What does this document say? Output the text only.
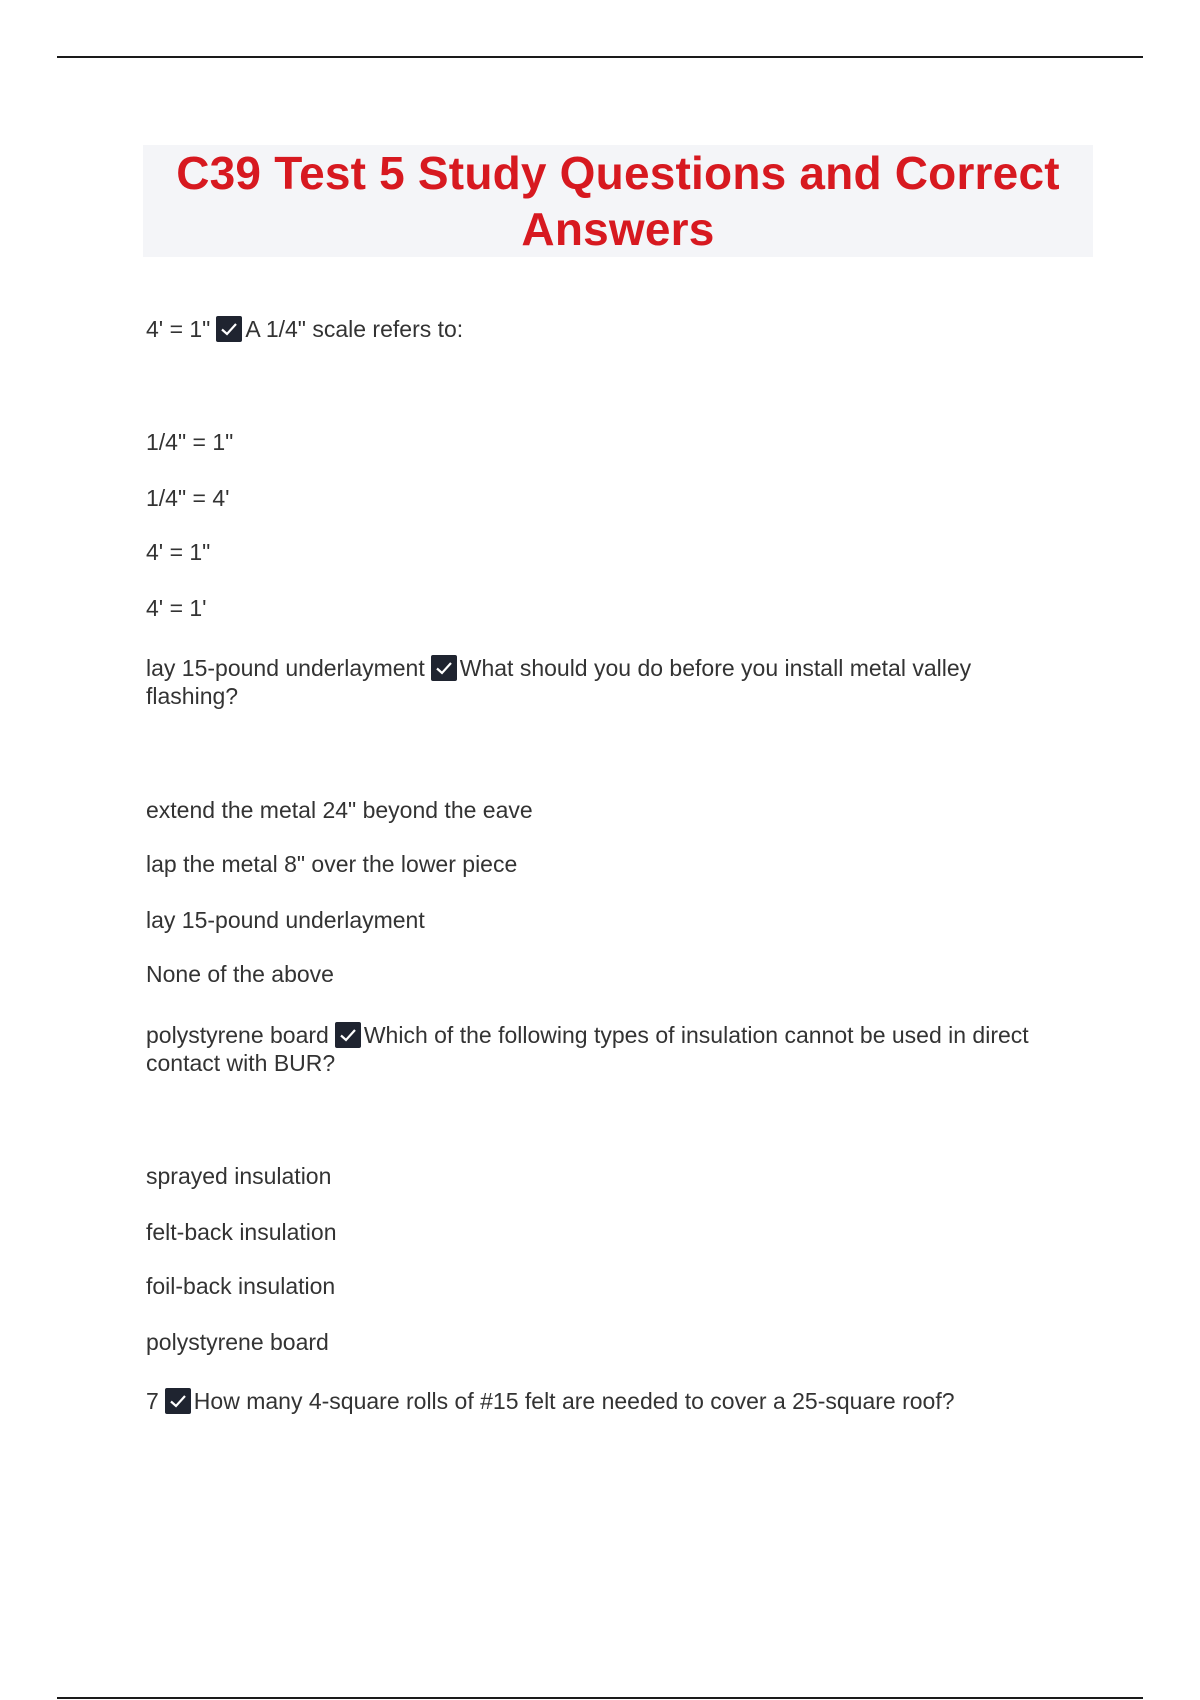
C39 Test 5 Study Questions and Correct Answers
4' = 1" A 1/4" scale refers to:
1/4" = 1"
1/4" = 4'
4' = 1"
4' = 1'
lay 15-pound underlayment What should you do before you install metal valley flashing?
extend the metal 24" beyond the eave
lap the metal 8" over the lower piece
lay 15-pound underlayment
None of the above
polystyrene board Which of the following types of insulation cannot be used in direct contact with BUR?
sprayed insulation
felt-back insulation
foil-back insulation
polystyrene board
7 How many 4-square rolls of #15 felt are needed to cover a 25-square roof?
